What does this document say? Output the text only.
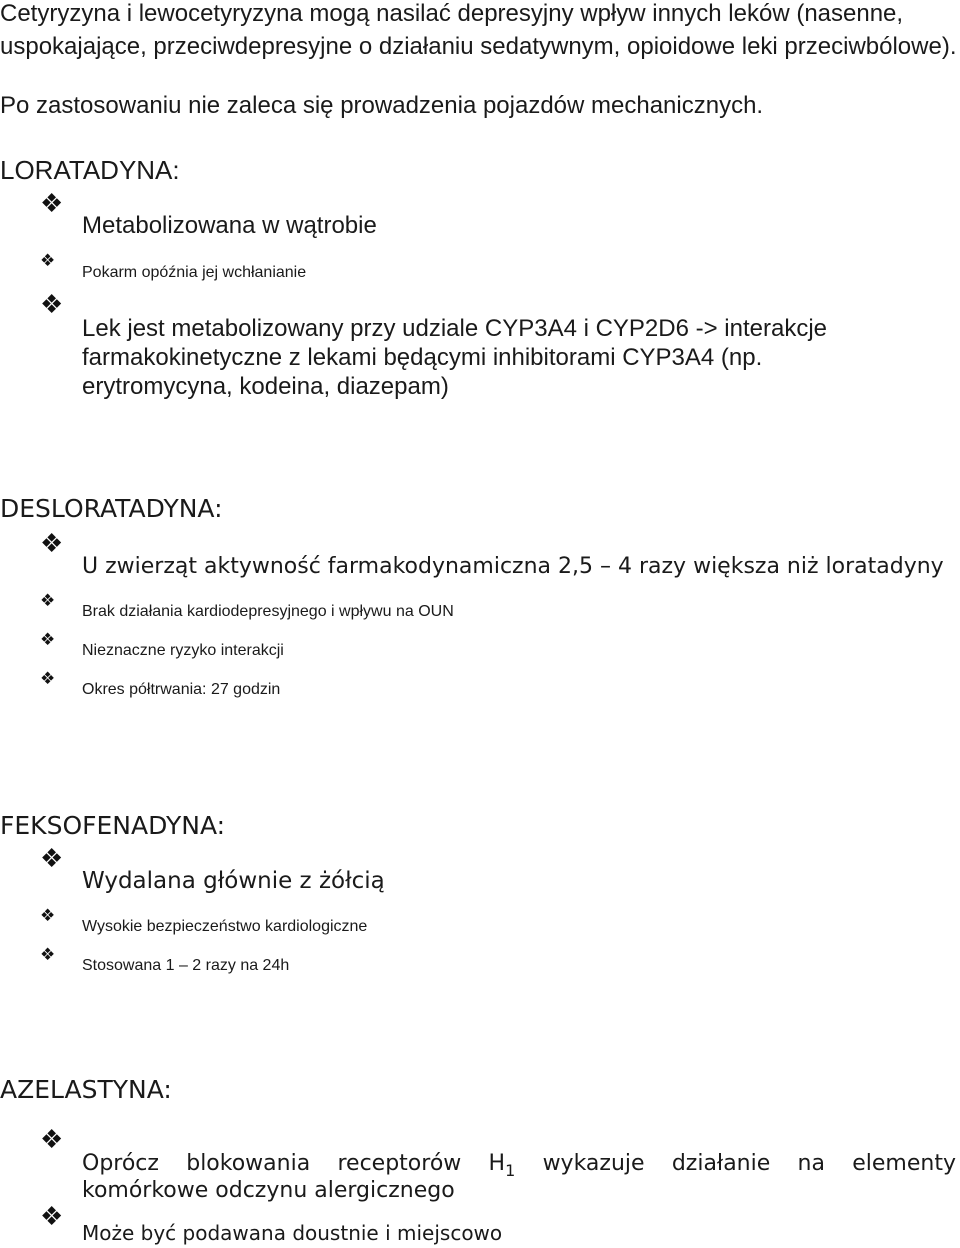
Cetyryzyna i lewocetyryzyna mogą nasilać depresyjny wpływ innych leków (nasenne,
uspokajające, przeciwdepresyjne o działaniu sedatywnym, opioidowe leki przeciwbólowe).
Po zastosowaniu nie zaleca się prowadzenia pojazdów mechanicznych.
LORATADYNA:
❖
Metabolizowana w wątrobie
❖
Pokarm opóźnia jej wchłanianie
❖
Lek jest metabolizowany przy udziale CYP3A4 i CYP2D6 -> interakcje
farmakokinetyczne z lekami będącymi inhibitorami CYP3A4 (np.
erytromycyna, kodeina, diazepam)
DESLORATADYNA:
❖
U zwierząt aktywność farmakodynamiczna 2,5 – 4 razy większa niż loratadyny
❖
Brak działania kardiodepresyjnego i wpływu na OUN
❖
Nieznaczne ryzyko interakcji
❖
Okres półtrwania: 27 godzin
FEKSOFENADYNA:
❖
Wydalana głównie z żółcią
❖
Wysokie bezpieczeństwo kardiologiczne
❖
Stosowana 1 – 2 razy na 24h
AZELASTYNA:
❖
Oprócz blokowania receptorów $H_1$ wykazuje działanie na elementy
komórkowe odczynu alergicznego
❖
Może być podawana doustnie i miejscowo
